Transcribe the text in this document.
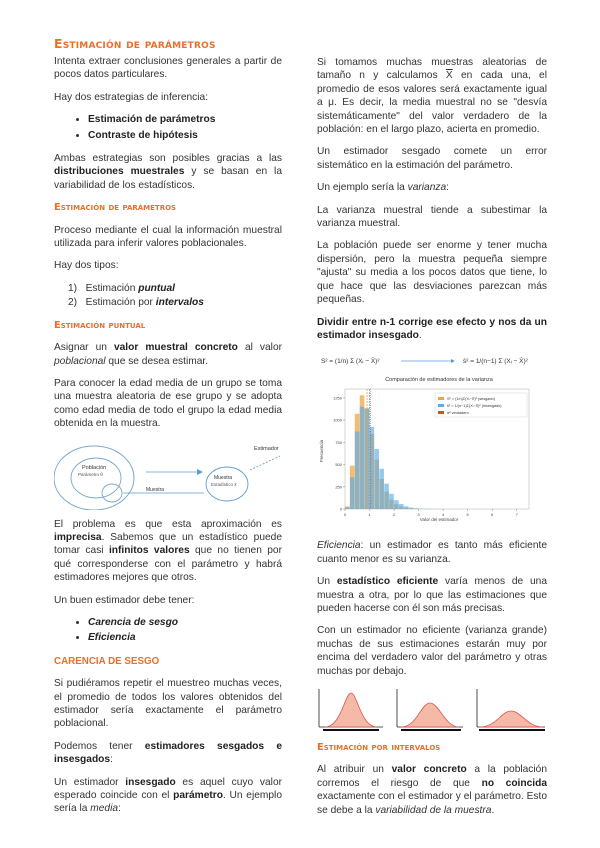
Estimación de parámetros

Intenta extraer conclusiones generales a partir de pocos datos particulares.

Hay dos estrategias de inferencia:

• Estimación de parámetros
• Contraste de hipótesis

Ambas estrategias son posibles gracias a las distribuciones muestrales y se basan en la variabilidad de los estadísticos.

Estimación de parámetros

Proceso mediante el cual la información muestral utilizada para inferir valores poblacionales.

Hay dos tipos:

1) Estimación puntual
2) Estimación por intervalos
Estimación puntual

Asignar un valor muestral concreto al valor poblacional que se desea estimar.

Para conocer la edad media de un grupo se toma una muestra aleatoria de ese grupo y se adopta como edad media de todo el grupo la edad media obtenida en la muestra.

Población
Parámetro θ
Muestra
Muestra
Estadístico x̄
Estimador

El problema es que esta aproximación es imprecisa. Sabemos que un estadístico puede tomar casi infinitos valores que no tienen por qué corresponderse con el parámetro y habrá estimadores mejores que otros.

Un buen estimador debe tener:

• Carencia de sesgo
• Eficiencia
CARENCIA DE SESGO

Si pudiéramos repetir el muestreo muchas veces, el promedio de todos los valores obtenidos del estimador sería exactamente el parámetro poblacional.

Podemos tener estimadores sesgados e insesgados:

Un estimador insesgado es aquel cuyo valor esperado coincide con el parámetro. Un ejemplo sería la media:

Si tomamos muchas muestras aleatorias de tamaño n y calculamos $\overline{X}$ en cada una, el promedio de esos valores será exactamente igual a μ. Es decir, la media muestral no se "desvía sistemáticamente" del valor verdadero de la población: en el largo plazo, acierta en promedio.

Un estimador sesgado comete un error sistemático en la estimación del parámetro.

Un ejemplo sería la varianza:

La varianza muestral tiende a subestimar la varianza muestral.

La población puede ser enorme y tener mucha dispersión, pero la muestra pequeña siempre "ajusta" su media a los pocos datos que tiene, lo que hace que las desviaciones parezcan más pequeñas.

Dividir entre n-1 corrige ese efecto y nos da un estimador insesgado.

S² = (1/n) Σ (Xᵢ − X̄)²	ŝ² = 1/(n−1) Σ (Xᵢ − X̄)²
Comparación de estimadores de la varianza
0
250
500
750
1000
1250
0	1	2	3	4	5	6	7
S² = (1/n)Σ(Xᵢ−X̄)² (sesgado)
ŝ² = 1/(n−1)Σ(Xᵢ−X̄)² (insesgado)
σ² verdadero
Valor del estimador
Frecuencia

Eficiencia: un estimador es tanto más eficiente cuanto menor es su varianza.

Un estadístico eficiente varía menos de una muestra a otra, por lo que las estimaciones que pueden hacerse con él son más precisas.

Con un estimador no eficiente (varianza grande) muchas de sus estimaciones estarán muy por encima del verdadero valor del parámetro y otras muchas por debajo.

Estimación por intervalos

Al atribuir un valor concreto a la población corremos el riesgo de que no coincida exactamente con el estimador y el parámetro. Esto se debe a la variabilidad de la muestra.
